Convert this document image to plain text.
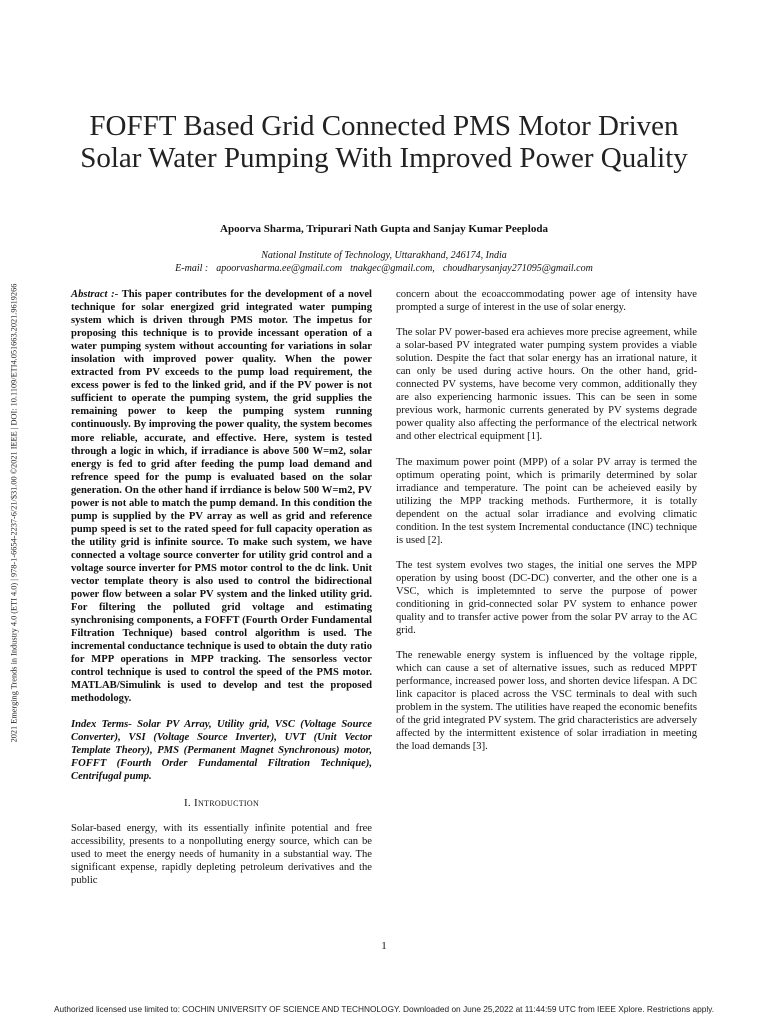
2021 Emerging Trends in Industry 4.0 (ETI 4.0) | 978-1-6654-2237-6/21/$31.00 ©2021 IEEE | DOI: 10.1109/ETI4.051663.2021.9619266
FOFFT Based Grid Connected PMS Motor Driven Solar Water Pumping With Improved Power Quality
Apoorva Sharma, Tripurari Nath Gupta and Sanjay Kumar Peeploda
National Institute of Technology, Uttarakhand, 246174, India
E-mail : apoorvasharma.ee@gmail.com tnakgec@gmail.com, choudharysanjay271095@gmail.com
Abstract :- This paper contributes for the development of a novel technique for solar energized grid integrated water pumping system which is driven through PMS motor. The impetus for proposing this technique is to provide incessant operation of a water pumping system without accounting for variations in solar insolation with improved power quality. When the power extracted from PV exceeds to the pump load requirement, the excess power is fed to the linked grid, and if the PV power is not sufficient to operate the pumping system, the grid supplies the remaining power to keep the pumping system running continuously. By improving the power quality, the system becomes more reliable, accurate, and effective. Here, system is tested through a logic in which, if irradiance is above 500 W=m2, solar energy is fed to grid after feeding the pump load demand and refrence speed for the pump is evaluated based on the solar generation. On the other hand if irrdiance is below 500 W=m2, PV power is not able to match the pump demand. In this condition the pump is supplied by the PV array as well as grid and reference pump speed is set to the rated speed for full capacity operation as the utility grid is infinite source. To make such system, we have connected a voltage source converter for utility grid control and a voltage source inverter for PMS motor control to the dc link. Unit vector template theory is also used to control the bidirectional power flow between a solar PV system and the linked utility grid. For filtering the polluted grid voltage and estimating synchronising components, a FOFFT (Fourth Order Fundamental Filtration Technique) based control algorithm is used. The incremental conductance technique is used to obtain the duty ratio for MPP operations in MPP tracking. The sensorless vector control technique is used to control the speed of the PMS motor. MATLAB/Simulink is used to develop and test the proposed methodology.
Index Terms- Solar PV Array, Utility grid, VSC (Voltage Source Converter), VSI (Voltage Source Inverter), UVT (Unit Vector Template Theory), PMS (Permanent Magnet Synchronous) motor, FOFFT (Fourth Order Fundamental Filtration Technique), Centrifugal pump.
I. Introduction

Solar-based energy, with its essentially infinite potential and free accessibility, presents to a nonpolluting energy source, which can be used to meet the energy needs of humanity in a substantial way. The significant expense, rapidly depleting petroleum derivatives and the public

concern about the ecoaccommodating power age of intensity have prompted a surge of interest in the use of solar energy.

The solar PV power-based era achieves more precise agreement, while a solar-based PV integrated water pumping system provides a viable solution. Despite the fact that solar energy has an irrational nature, it can only be used during active hours. On the other hand, grid-connected PV systems, have become very common, additionally they are also experiencing harmonic issues. This can be seen in some previous work, harmonic currents generated by PV systems degrade power quality also affecting the performance of the electrical network and other electrical equipment [1].

The maximum power point (MPP) of a solar PV array is termed the optimum operating point, which is primarily determined by solar irradiance and temperature. The point can be acheieved easily by utilizing the MPP tracking methods. Furthermore, it is totally dependent on the actual solar irradiance and evolving climatic condition. In the test system Incremental conductance (INC) technique is used [2].

The test system evolves two stages, the initial one serves the MPP operation by using boost (DC-DC) converter, and the other one is a VSC, which is impletemnted to serve the purpose of power conditioning in grid-connected solar PV system to enhance power quality and to transfer active power from the solar PV array to the AC grid.

The renewable energy system is influenced by the voltage ripple, which can cause a set of alternative issues, such as reduced MPPT performance, increased power loss, and shorten device lifespan. A DC link capacitor is placed across the VSC terminals to deal with such problem in the system. The utilities have reaped the economic benefits of the grid integrated PV system. The grid characteristics are adversely affected by the intermittent existence of solar irradiation in meeting the load demands [3].

1
Authorized licensed use limited to: COCHIN UNIVERSITY OF SCIENCE AND TECHNOLOGY. Downloaded on June 25,2022 at 11:44:59 UTC from IEEE Xplore. Restrictions apply.
